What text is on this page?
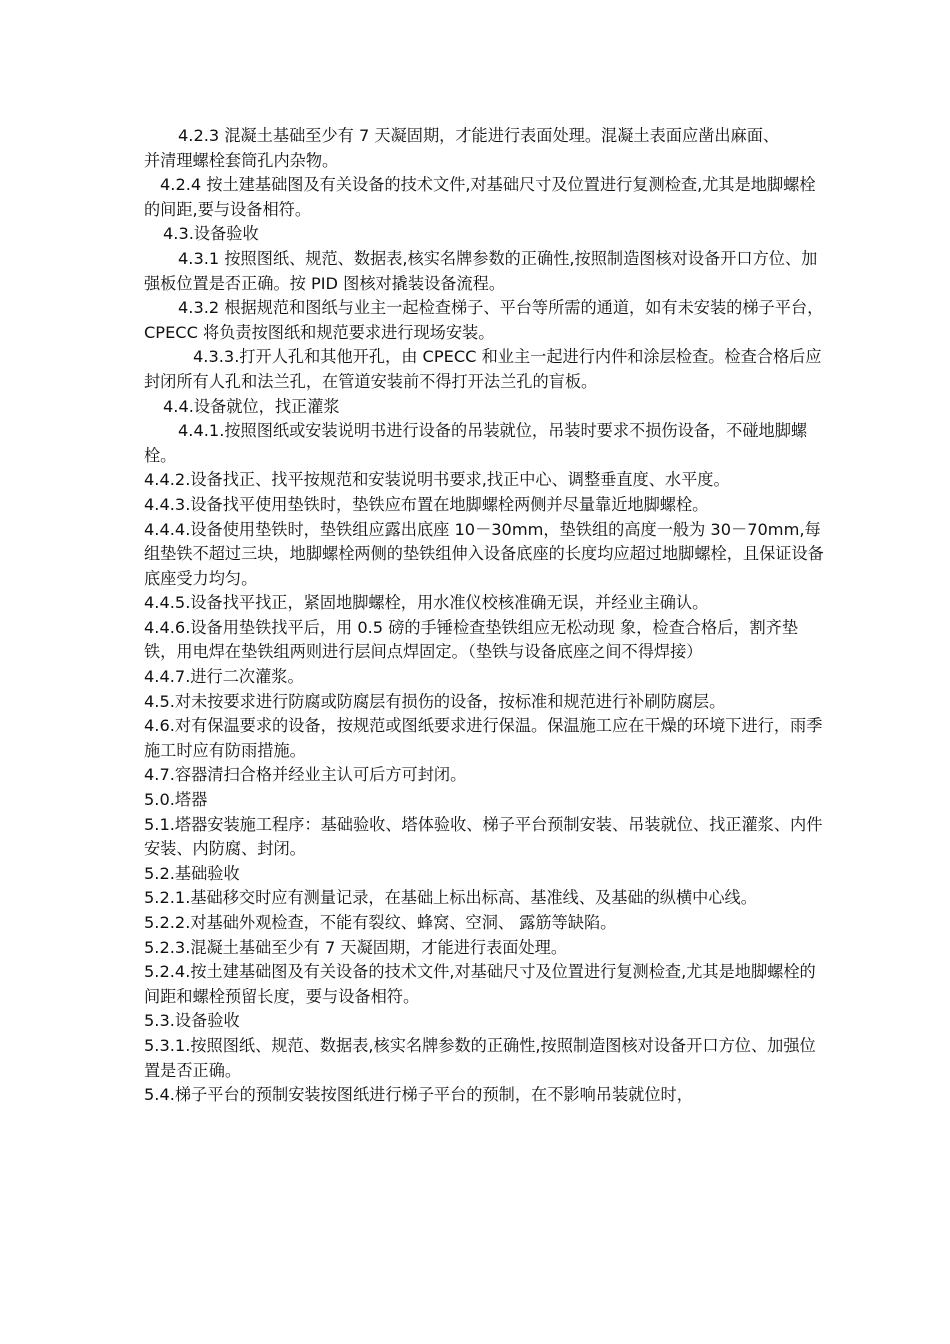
4.2.3 混凝土基础至少有 7 天凝固期，才能进行表面处理。混凝土表面应凿出麻面、            并清理螺栓套筒孔内杂物。

4.2.4 按土建基础图及有关设备的技术文件,对基础尺寸及位置进行复测检查,尤其是地脚螺栓的间距,要与设备相符。

4.3.设备验收

4.3.1 按照图纸、规范、数据表,核实名牌参数的正确性,按照制造图核对设备开口方位、加强板位置是否正确。按 PID 图核对撬装设备流程。

4.3.2 根据规范和图纸与业主一起检查梯子、平台等所需的通道，如有未安装的梯子平台，CPECC 将负责按图纸和规范要求进行现场安装。

4.3.3.打开人孔和其他开孔，由 CPECC 和业主一起进行内件和涂层检查。检查合格后应封闭所有人孔和法兰孔，在管道安装前不得打开法兰孔的盲板。

4.4.设备就位，找正灌浆

4.4.1.按照图纸或安装说明书进行设备的吊装就位，吊装时要求不损伤设备，不碰地脚螺栓。

4.4.2.设备找正、找平按规范和安装说明书要求,找正中心、调整垂直度、水平度。

4.4.3.设备找平使用垫铁时，垫铁应布置在地脚螺栓两侧并尽量靠近地脚螺栓。

4.4.4.设备使用垫铁时，垫铁组应露出底座 10－30mm，垫铁组的高度一般为 30－70mm,每组垫铁不超过三块，地脚螺栓两侧的垫铁组伸入设备底座的长度均应超过地脚螺栓，且保证设备底座受力均匀。

4.4.5.设备找平找正，紧固地脚螺栓，用水准仪校核准确无误，并经业主确认。

4.4.6.设备用垫铁找平后，用 0.5 磅的手锤检查垫铁组应无松动现 象，检查合格后，割齐垫铁，用电焊在垫铁组两则进行层间点焊固定。（垫铁与设备底座之间不得焊接）

4.4.7.进行二次灌浆。

4.5.对未按要求进行防腐或防腐层有损伤的设备，按标准和规范进行补刷防腐层。

4.6.对有保温要求的设备，按规范或图纸要求进行保温。保温施工应在干燥的环境下进行，雨季施工时应有防雨措施。

4.7.容器清扫合格并经业主认可后方可封闭。

5.0.塔器

5.1.塔器安装施工程序：基础验收、塔体验收、梯子平台预制安装、吊装就位、找正灌浆、内件安装、内防腐、封闭。

5.2.基础验收

5.2.1.基础移交时应有测量记录，在基础上标出标高、基准线、及基础的纵横中心线。

5.2.2.对基础外观检查，不能有裂纹、蜂窝、空洞、 露筋等缺陷。

5.2.3.混凝土基础至少有 7 天凝固期，才能进行表面处理。

5.2.4.按土建基础图及有关设备的技术文件,对基础尺寸及位置进行复测检查,尤其是地脚螺栓的间距和螺栓预留长度，要与设备相符。

5.3.设备验收

5.3.1.按照图纸、规范、数据表,核实名牌参数的正确性,按照制造图核对设备开口方位、加强位置是否正确。

5.4.梯子平台的预制安装按图纸进行梯子平台的预制，在不影响吊装就位时，
